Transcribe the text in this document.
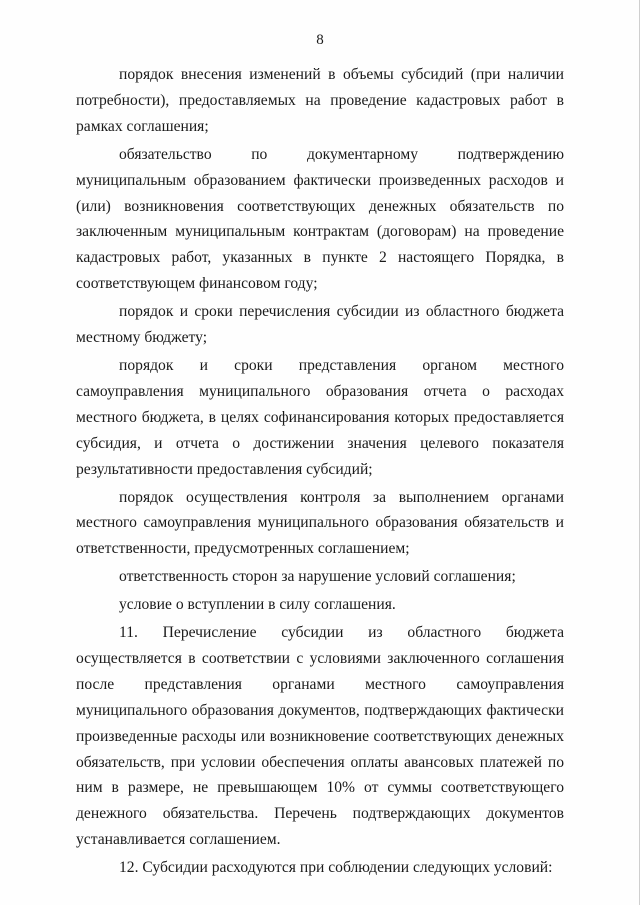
8

порядок внесения изменений в объемы субсидий (при наличии потребности), предоставляемых на проведение кадастровых работ в рамках соглашения;

обязательство по документарному подтверждению муниципальным образованием фактически произведенных расходов и (или) возникновения соответствующих денежных обязательств по заключенным муниципальным контрактам (договорам) на проведение кадастровых работ, указанных в пункте 2 настоящего Порядка, в соответствующем финансовом году;

порядок и сроки перечисления субсидии из областного бюджета местному бюджету;

порядок и сроки представления органом местного самоуправления муниципального образования отчета о расходах местного бюджета, в целях софинансирования которых предоставляется субсидия, и отчета о достижении значения целевого показателя результативности предоставления субсидий;

порядок осуществления контроля за выполнением органами местного самоуправления муниципального образования обязательств и ответственности, предусмотренных соглашением;

ответственность сторон за нарушение условий соглашения;

условие о вступлении в силу соглашения.

11. Перечисление субсидии из областного бюджета осуществляется в соответствии с условиями заключенного соглашения после представления органами местного самоуправления муниципального образования документов, подтверждающих фактически произведенные расходы или возникновение соответствующих денежных обязательств, при условии обеспечения оплаты авансовых платежей по ним в размере, не превышающем 10% от суммы соответствующего денежного обязательства. Перечень подтверждающих документов устанавливается соглашением.

12. Субсидии расходуются при соблюдении следующих условий:
